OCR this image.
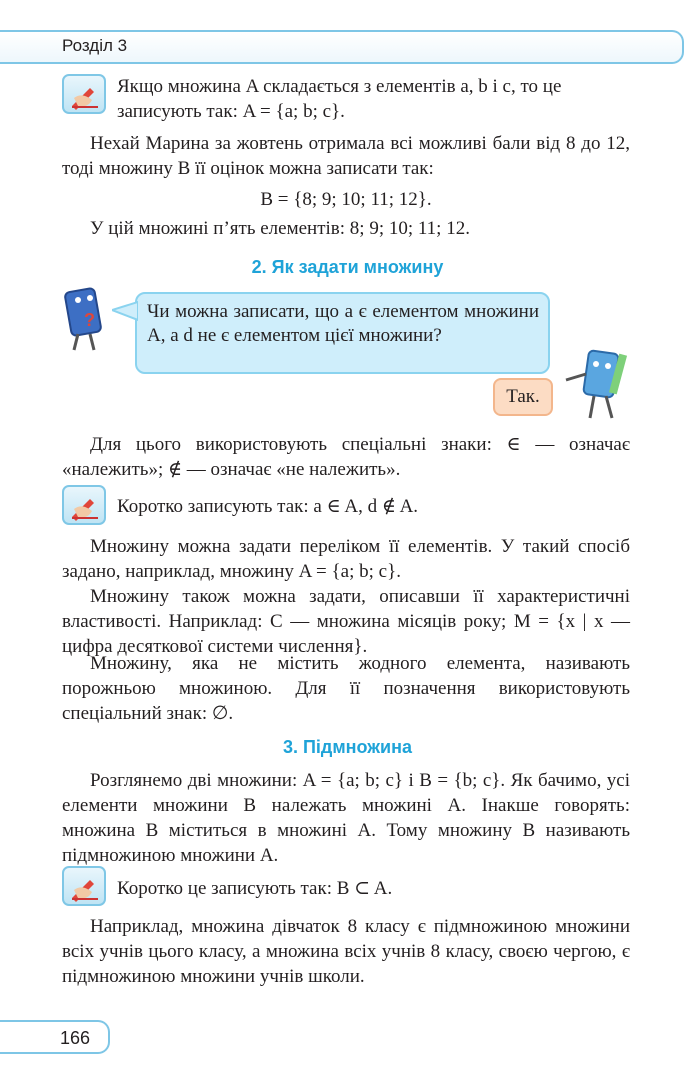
Розділ 3
Якщо множина A складається з елементів a, b і c, то це записують так: A = {a; b; c}.
Нехай Марина за жовтень отримала всі можливі бали від 8 до 12, тоді множину B її оцінок можна записати так:
B = {8; 9; 10; 11; 12}.
У цій множині п’ять елементів: 8; 9; 10; 11; 12.
2. Як задати множину
?	Чи можна записати, що a є елементом множини A, а d не є елементом цієї множини?
Так.
Для цього використовують спеціальні знаки: ∈ — означає «належить»; ∉ — означає «не належить».
Коротко записують так: a ∈ A, d ∉ A.
Множину можна задати переліком її елементів. У такий спосіб задано, наприклад, множину A = {a; b; c}.
Множину також можна задати, описавши її характеристичні властивості. Наприклад: C — множина місяців року; M = {x | x — цифра десяткової системи числення}.
Множину, яка не містить жодного елемента, називають порожньою множиною. Для її позначення використовують спеціальний знак: ∅.
3. Підмножина
Розглянемо дві множини: A = {a; b; c} і B = {b; c}. Як бачимо, усі елементи множини B належать множині A. Інакше говорять: множина B міститься в множині A. Тому множину B називають підмножиною множини A.
Коротко це записують так: B ⊂ A.
Наприклад, множина дівчаток 8 класу є підмножиною множини всіх учнів цього класу, а множина всіх учнів 8 класу, своєю чергою, є підмножиною множини учнів школи.
166
